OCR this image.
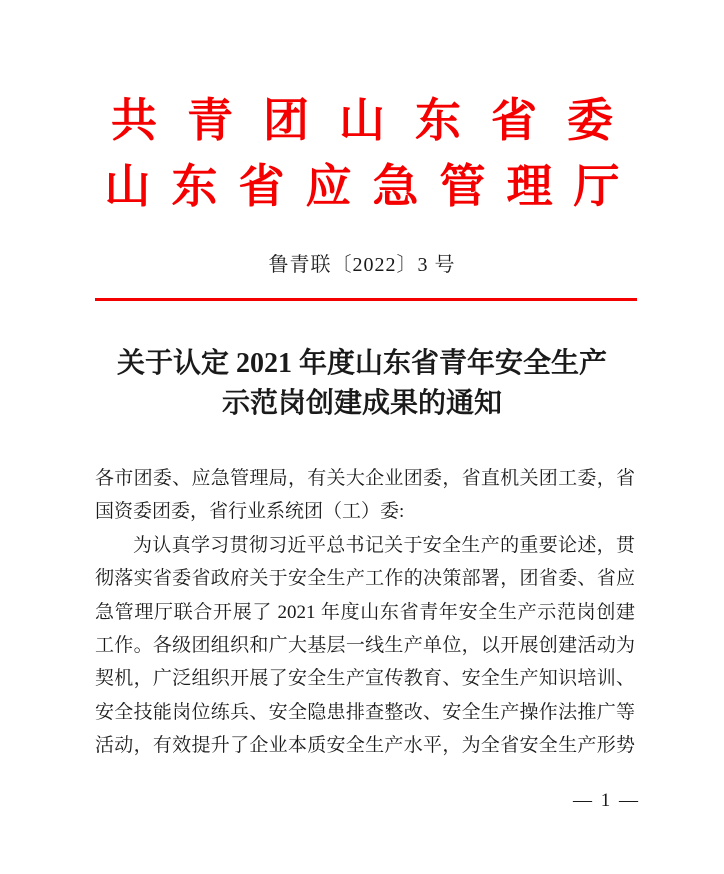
共青团山东省委
山东省应急管理厅
鲁青联〔2022〕3 号
关于认定 2021 年度山东省青年安全生产
示范岗创建成果的通知
各市团委、应急管理局，有关大企业团委，省直机关团工委，省
国资委团委，省行业系统团（工）委:
为认真学习贯彻习近平总书记关于安全生产的重要论述，贯
彻落实省委省政府关于安全生产工作的决策部署，团省委、省应
急管理厅联合开展了 2021 年度山东省青年安全生产示范岗创建
工作。各级团组织和广大基层一线生产单位，以开展创建活动为
契机，广泛组织开展了安全生产宣传教育、安全生产知识培训、
安全技能岗位练兵、安全隐患排查整改、安全生产操作法推广等
活动，有效提升了企业本质安全生产水平，为全省安全生产形势
— 1 —
